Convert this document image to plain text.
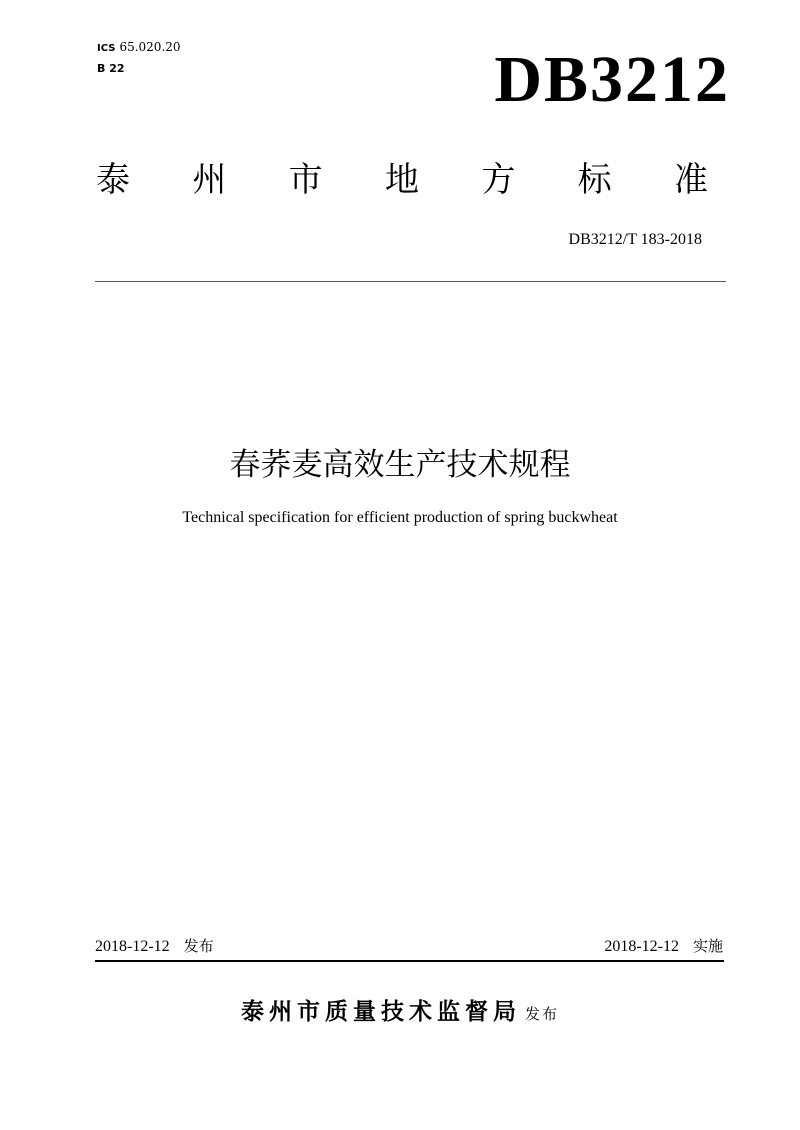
ICS 65.020.20
B 22	DB3212
泰 州 市 地 方 标 准
DB3212/T 183-2018
春荞麦高效生产技术规程
Technical specification for efficient production of spring buckwheat
2018-12-12 发布	2018-12-12 实施
泰州市质量技术监督局 发布
